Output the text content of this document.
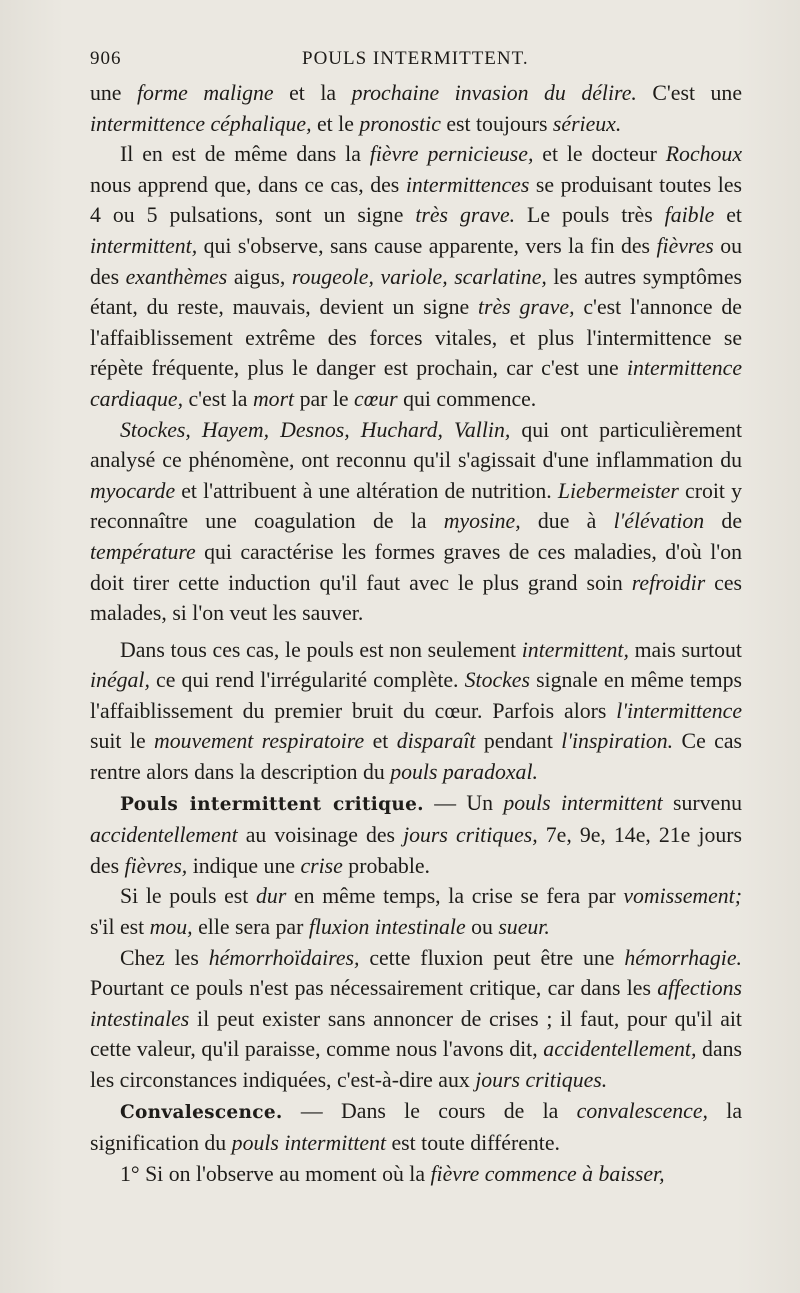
906	POULS INTERMITTENT.

une forme maligne et la prochaine invasion du délire. C'est une intermittence céphalique, et le pronostic est toujours sérieux.

Il en est de même dans la fièvre pernicieuse, et le docteur Rochoux nous apprend que, dans ce cas, des intermittences se produisant toutes les 4 ou 5 pulsations, sont un signe très grave. Le pouls très faible et intermittent, qui s'observe, sans cause apparente, vers la fin des fièvres ou des exanthèmes aigus, rougeole, variole, scarlatine, les autres symptômes étant, du reste, mauvais, devient un signe très grave, c'est l'annonce de l'affaiblissement extrême des forces vitales, et plus l'intermittence se répète fréquente, plus le danger est prochain, car c'est une intermittence cardiaque, c'est la mort par le cœur qui commence.

Stockes, Hayem, Desnos, Huchard, Vallin, qui ont particulièrement analysé ce phénomène, ont reconnu qu'il s'agissait d'une inflammation du myocarde et l'attribuent à une altération de nutrition. Liebermeister croit y reconnaître une coagulation de la myosine, due à l'élévation de température qui caractérise les formes graves de ces maladies, d'où l'on doit tirer cette induction qu'il faut avec le plus grand soin refroidir ces malades, si l'on veut les sauver.

Dans tous ces cas, le pouls est non seulement intermittent, mais surtout inégal, ce qui rend l'irrégularité complète. Stockes signale en même temps l'affaiblissement du premier bruit du cœur. Parfois alors l'intermittence suit le mouvement respiratoire et disparaît pendant l'inspiration. Ce cas rentre alors dans la description du pouls paradoxal.

Pouls intermittent critique. — Un pouls intermittent survenu accidentellement au voisinage des jours critiques, 7e, 9e, 14e, 21e jours des fièvres, indique une crise probable.

Si le pouls est dur en même temps, la crise se fera par vomissement; s'il est mou, elle sera par fluxion intestinale ou sueur.

Chez les hémorrhoïdaires, cette fluxion peut être une hémorrhagie. Pourtant ce pouls n'est pas nécessairement critique, car dans les affections intestinales il peut exister sans annoncer de crises ; il faut, pour qu'il ait cette valeur, qu'il paraisse, comme nous l'avons dit, accidentellement, dans les circonstances indiquées, c'est-à-dire aux jours critiques.

Convalescence. — Dans le cours de la convalescence, la signification du pouls intermittent est toute différente.

1° Si on l'observe au moment où la fièvre commence à baisser,
